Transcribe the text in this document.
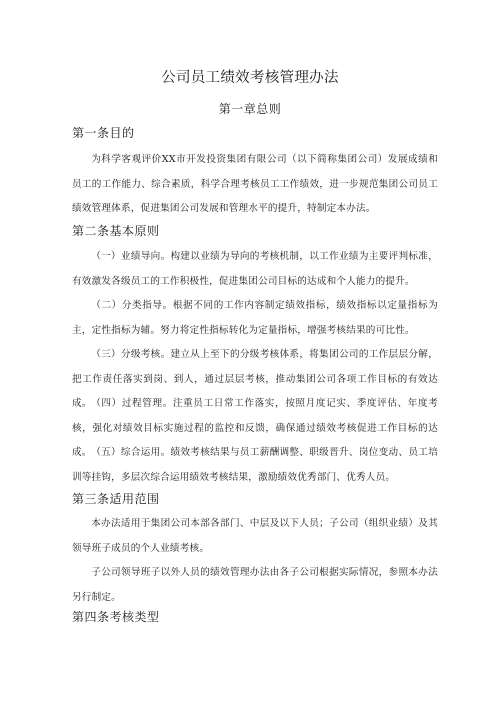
公司员工绩效考核管理办法
第一章总则
第一条目的
为科学客观评价XX市开发投资集团有限公司（以下简称集团公司）发展成绩和员工的工作能力、综合素质，科学合理考核员工工作绩效，进一步规范集团公司员工绩效管理体系，促进集团公司发展和管理水平的提升，特制定本办法。
第二条基本原则
（一）业绩导向。构建以业绩为导向的考核机制，以工作业绩为主要评判标准，有效激发各级员工的工作积极性，促进集团公司目标的达成和个人能力的提升。
（二）分类指导。根据不同的工作内容制定绩效指标，绩效指标以定量指标为主，定性指标为辅。努力将定性指标转化为定量指标，增强考核结果的可比性。
（三）分级考核。建立从上至下的分级考核体系，将集团公司的工作层层分解，把工作责任落实到岗、到人，通过层层考核，推动集团公司各项工作目标的有效达成。 （四）过程管理。注重员工日常工作落实，按照月度记实、季度评估、年度考核，强化对绩效目标实施过程的监控和反馈，确保通过绩效考核促进工作目标的达成。 （五）综合运用。绩效考核结果与员工薪酬调整、职级晋升、岗位变动、员工培训等挂钩，多层次综合运用绩效考核结果，激励绩效优秀部门、优秀人员。
第三条适用范围
本办法适用于集团公司本部各部门、中层及以下人员；子公司（组织业绩）及其领导班子成员的个人业绩考核。
子公司领导班子以外人员的绩效管理办法由各子公司根据实际情况，参照本办法另行制定。
第四条考核类型
